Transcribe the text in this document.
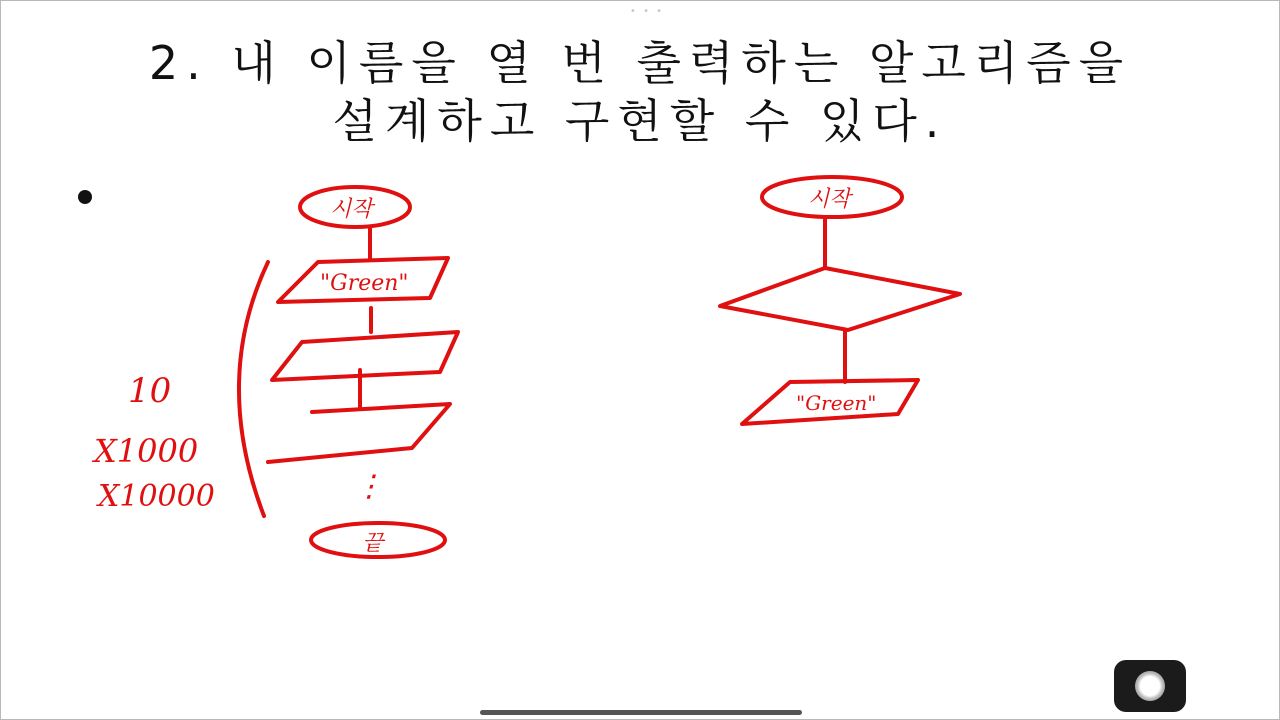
• • •
2. 내 이름을 열 번 출력하는 알고리즘을
설계하고 구현할 수 있다.
시작
"Green"
⋮
끝
10
X1000
X10000
시작
"Green"
